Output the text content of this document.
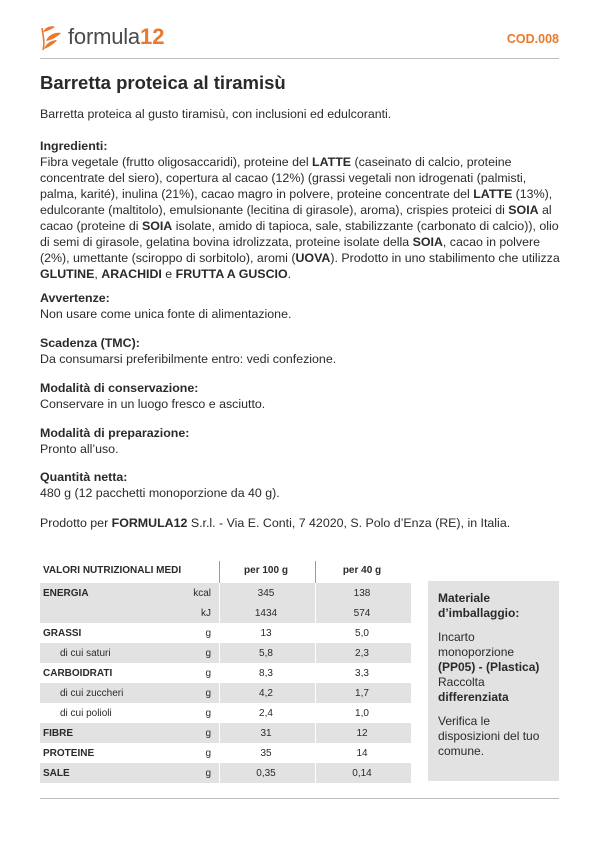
formula 12	COD.008
Barretta proteica al tiramisù
Barretta proteica al gusto tiramisù, con inclusioni ed edulcoranti.
Ingredienti:
Fibra vegetale (frutto oligosaccaridi), proteine del LATTE (caseinato di calcio, proteine concentrate del siero), copertura al cacao (12%) (grassi vegetali non idrogenati (palmisti, palma, karité), inulina (21%), cacao magro in polvere, proteine concentrate del LATTE (13%), edulcorante (maltitolo), emulsionante (lecitina di girasole), aroma), crispies proteici di SOIA al cacao (proteine di SOIA isolate, amido di tapioca, sale, stabilizzante (carbonato di calcio)), olio di semi di girasole, gelatina bovina idrolizzata, proteine isolate della SOIA, cacao in polvere (2%), umettante (sciroppo di sorbitolo), aromi (UOVA). Prodotto in uno stabilimento che utilizza GLUTINE, ARACHIDI e FRUTTA A GUSCIO.
Avvertenze:
Non usare come unica fonte di alimentazione.
Scadenza (TMC):
Da consumarsi preferibilmente entro: vedi confezione.
Modalità di conservazione:
Conservare in un luogo fresco e asciutto.
Modalità di preparazione:
Pronto all’uso.
Quantità netta:
480 g (12 pacchetti monoporzione da 40 g).
Prodotto per FORMULA12 S.r.l. - Via E. Conti, 7 42020, S. Polo d’Enza (RE), in Italia.
VALORI NUTRIZIONALI MEDI	per 100 g	per 40 g
ENERGIA	kcal	345	138
kJ	1434	574
GRASSI	g	13	5,0
di cui saturi	g	5,8	2,3
CARBOIDRATI	g	8,3	3,3
di cui zuccheri	g	4,2	1,7
di cui polioli	g	2,4	1,0
FIBRE	g	31	12
PROTEINE	g	35	14
SALE	g	0,35	0,14

Materiale d’imballaggio:

Incarto monoporzione
(PP05) - (Plastica)
Raccolta
differenziata

Verifica le disposizioni del tuo comune.
